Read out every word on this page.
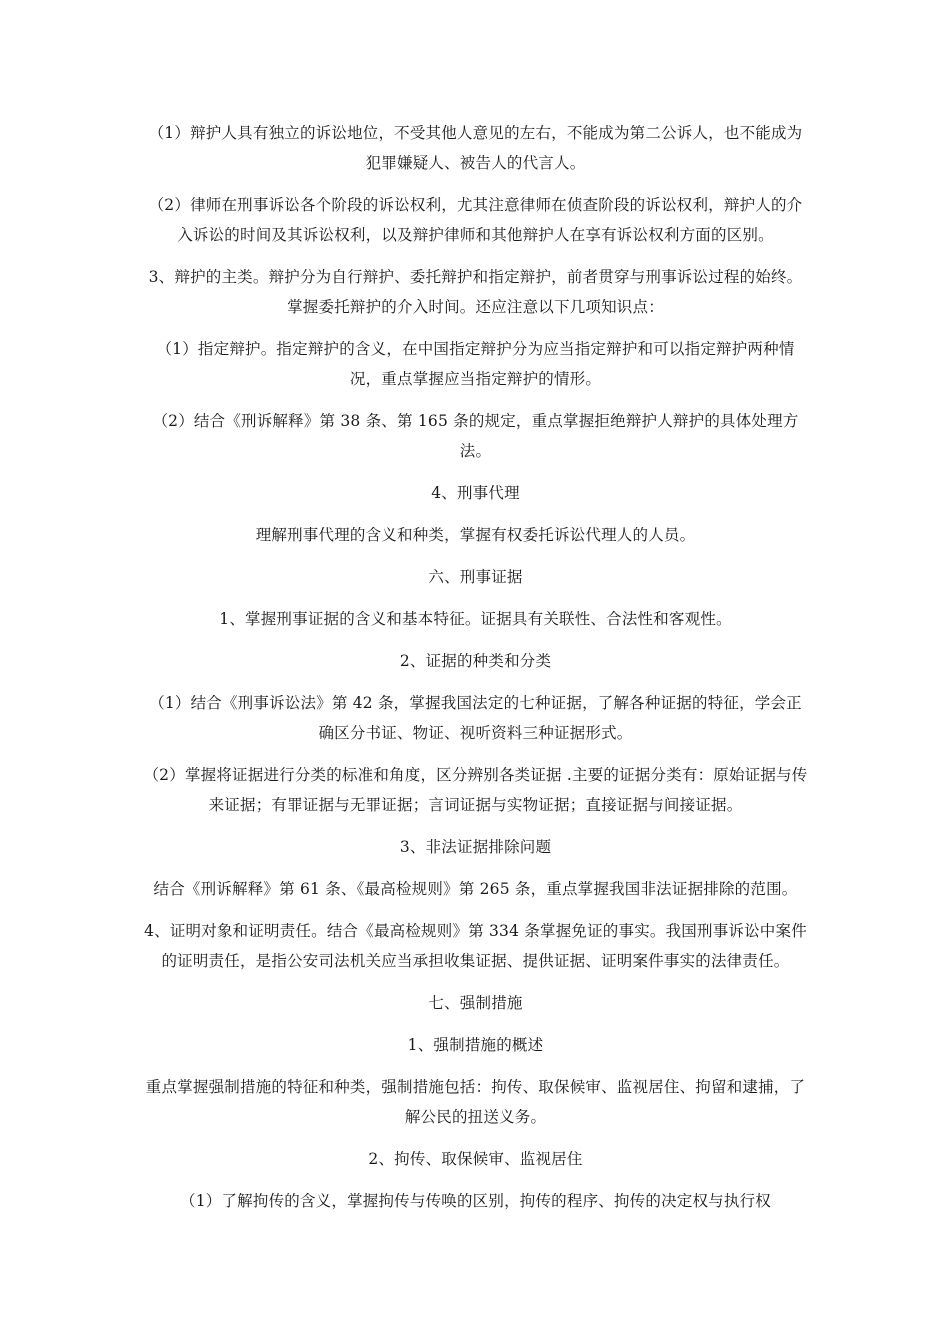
（1）辩护人具有独立的诉讼地位，不受其他人意见的左右，不能成为第二公诉人，也不能成为犯罪嫌疑人、被告人的代言人。

（2）律师在刑事诉讼各个阶段的诉讼权利，尤其注意律师在侦查阶段的诉讼权利，辩护人的介入诉讼的时间及其诉讼权利，以及辩护律师和其他辩护人在享有诉讼权利方面的区别。

3、辩护的主类。辩护分为自行辩护、委托辩护和指定辩护，前者贯穿与刑事诉讼过程的始终。掌握委托辩护的介入时间。还应注意以下几项知识点：

（1）指定辩护。指定辩护的含义，在中国指定辩护分为应当指定辩护和可以指定辩护两种情况，重点掌握应当指定辩护的情形。

（2）结合《刑诉解释》第 38 条、第 165 条的规定，重点掌握拒绝辩护人辩护的具体处理方法。

4、刑事代理

理解刑事代理的含义和种类，掌握有权委托诉讼代理人的人员。

六、刑事证据

1、掌握刑事证据的含义和基本特征。证据具有关联性、合法性和客观性。

2、证据的种类和分类

（1）结合《刑事诉讼法》第 42 条，掌握我国法定的七种证据，了解各种证据的特征，学会正确区分书证、物证、视听资料三种证据形式。

（2）掌握将证据进行分类的标准和角度，区分辨别各类证据 .主要的证据分类有：原始证据与传来证据；有罪证据与无罪证据；言词证据与实物证据；直接证据与间接证据。

3、非法证据排除问题

结合《刑诉解释》第 61 条、《最高检规则》第 265 条，重点掌握我国非法证据排除的范围。

4、证明对象和证明责任。结合《最高检规则》第 334 条掌握免证的事实。我国刑事诉讼中案件的证明责任，是指公安司法机关应当承担收集证据、提供证据、证明案件事实的法律责任。

七、强制措施

1、强制措施的概述

重点掌握强制措施的特征和种类，强制措施包括：拘传、取保候审、监视居住、拘留和逮捕，了解公民的扭送义务。

2、拘传、取保候审、监视居住

（1）了解拘传的含义，掌握拘传与传唤的区别，拘传的程序、拘传的决定权与执行权
